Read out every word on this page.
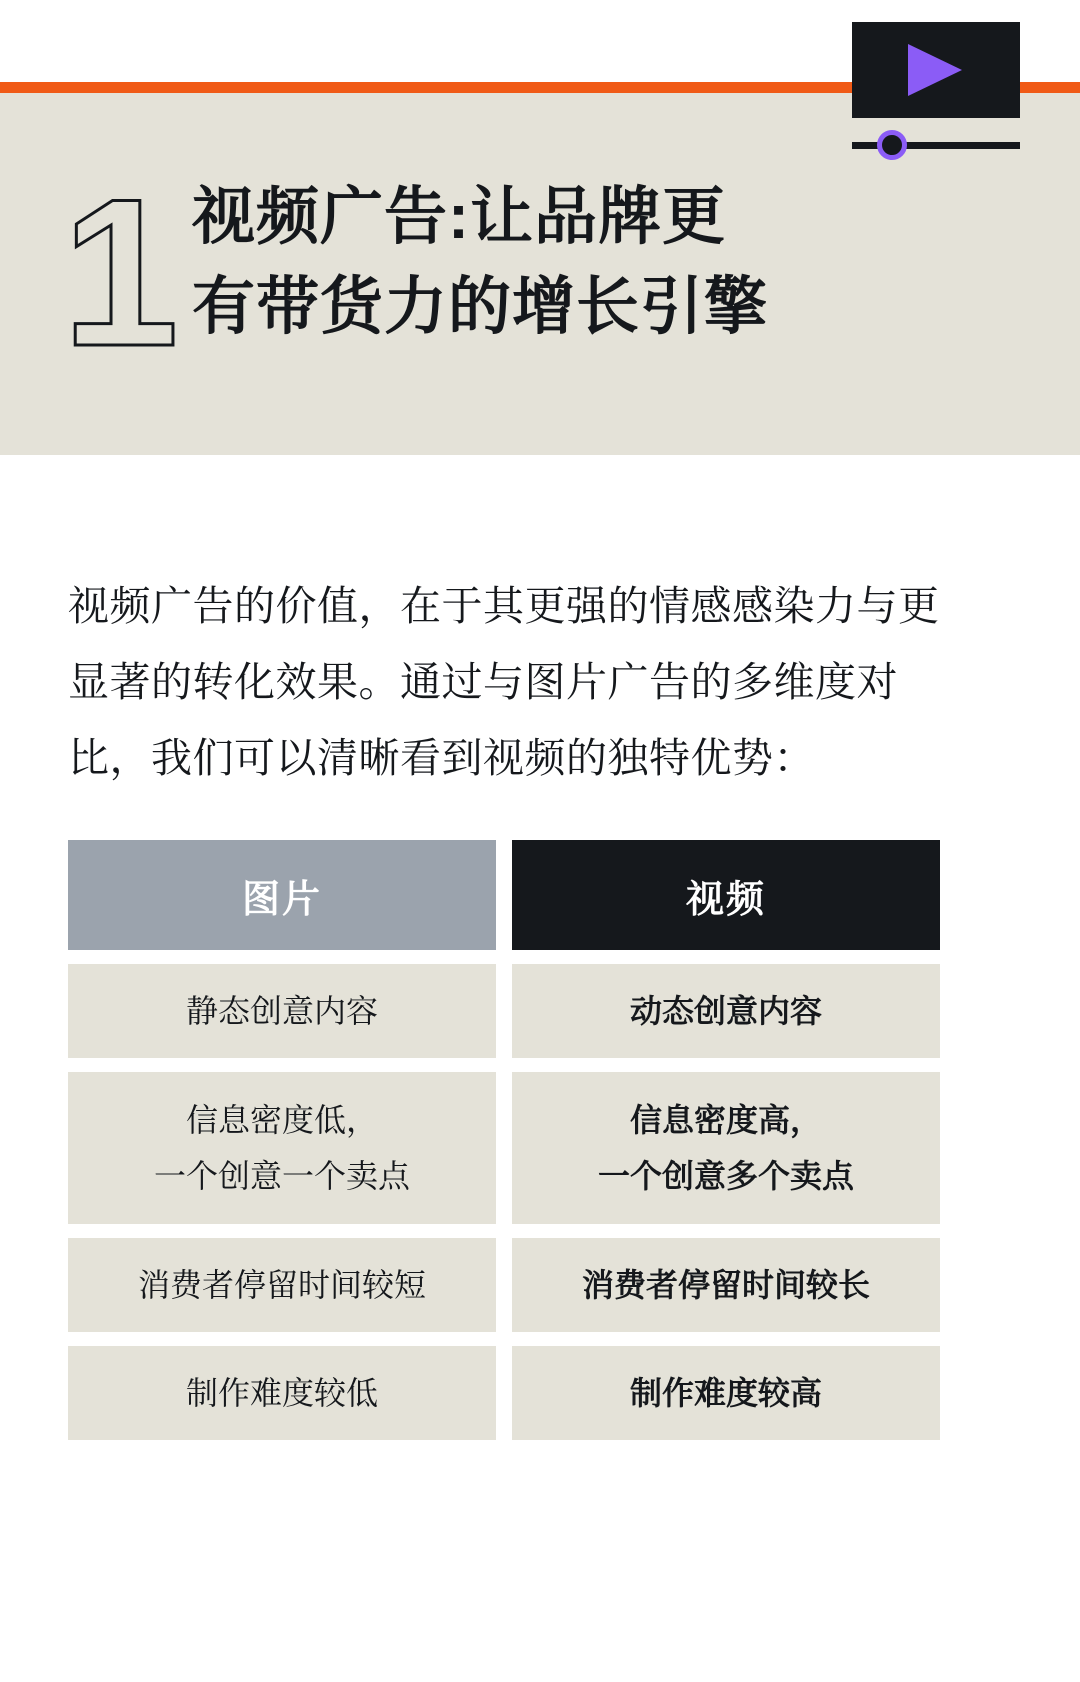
1 视频广告:让品牌更
有带货力的增长引擎
视频广告的价值，在于其更强的情感感染力与更显著的转化效果。通过与图片广告的多维度对比，我们可以清晰看到视频的独特优势：
图片
静态创意内容
信息密度低，
一个创意一个卖点
消费者停留时间较短
制作难度较低
视频
动态创意内容
信息密度高，
一个创意多个卖点
消费者停留时间较长
制作难度较高
